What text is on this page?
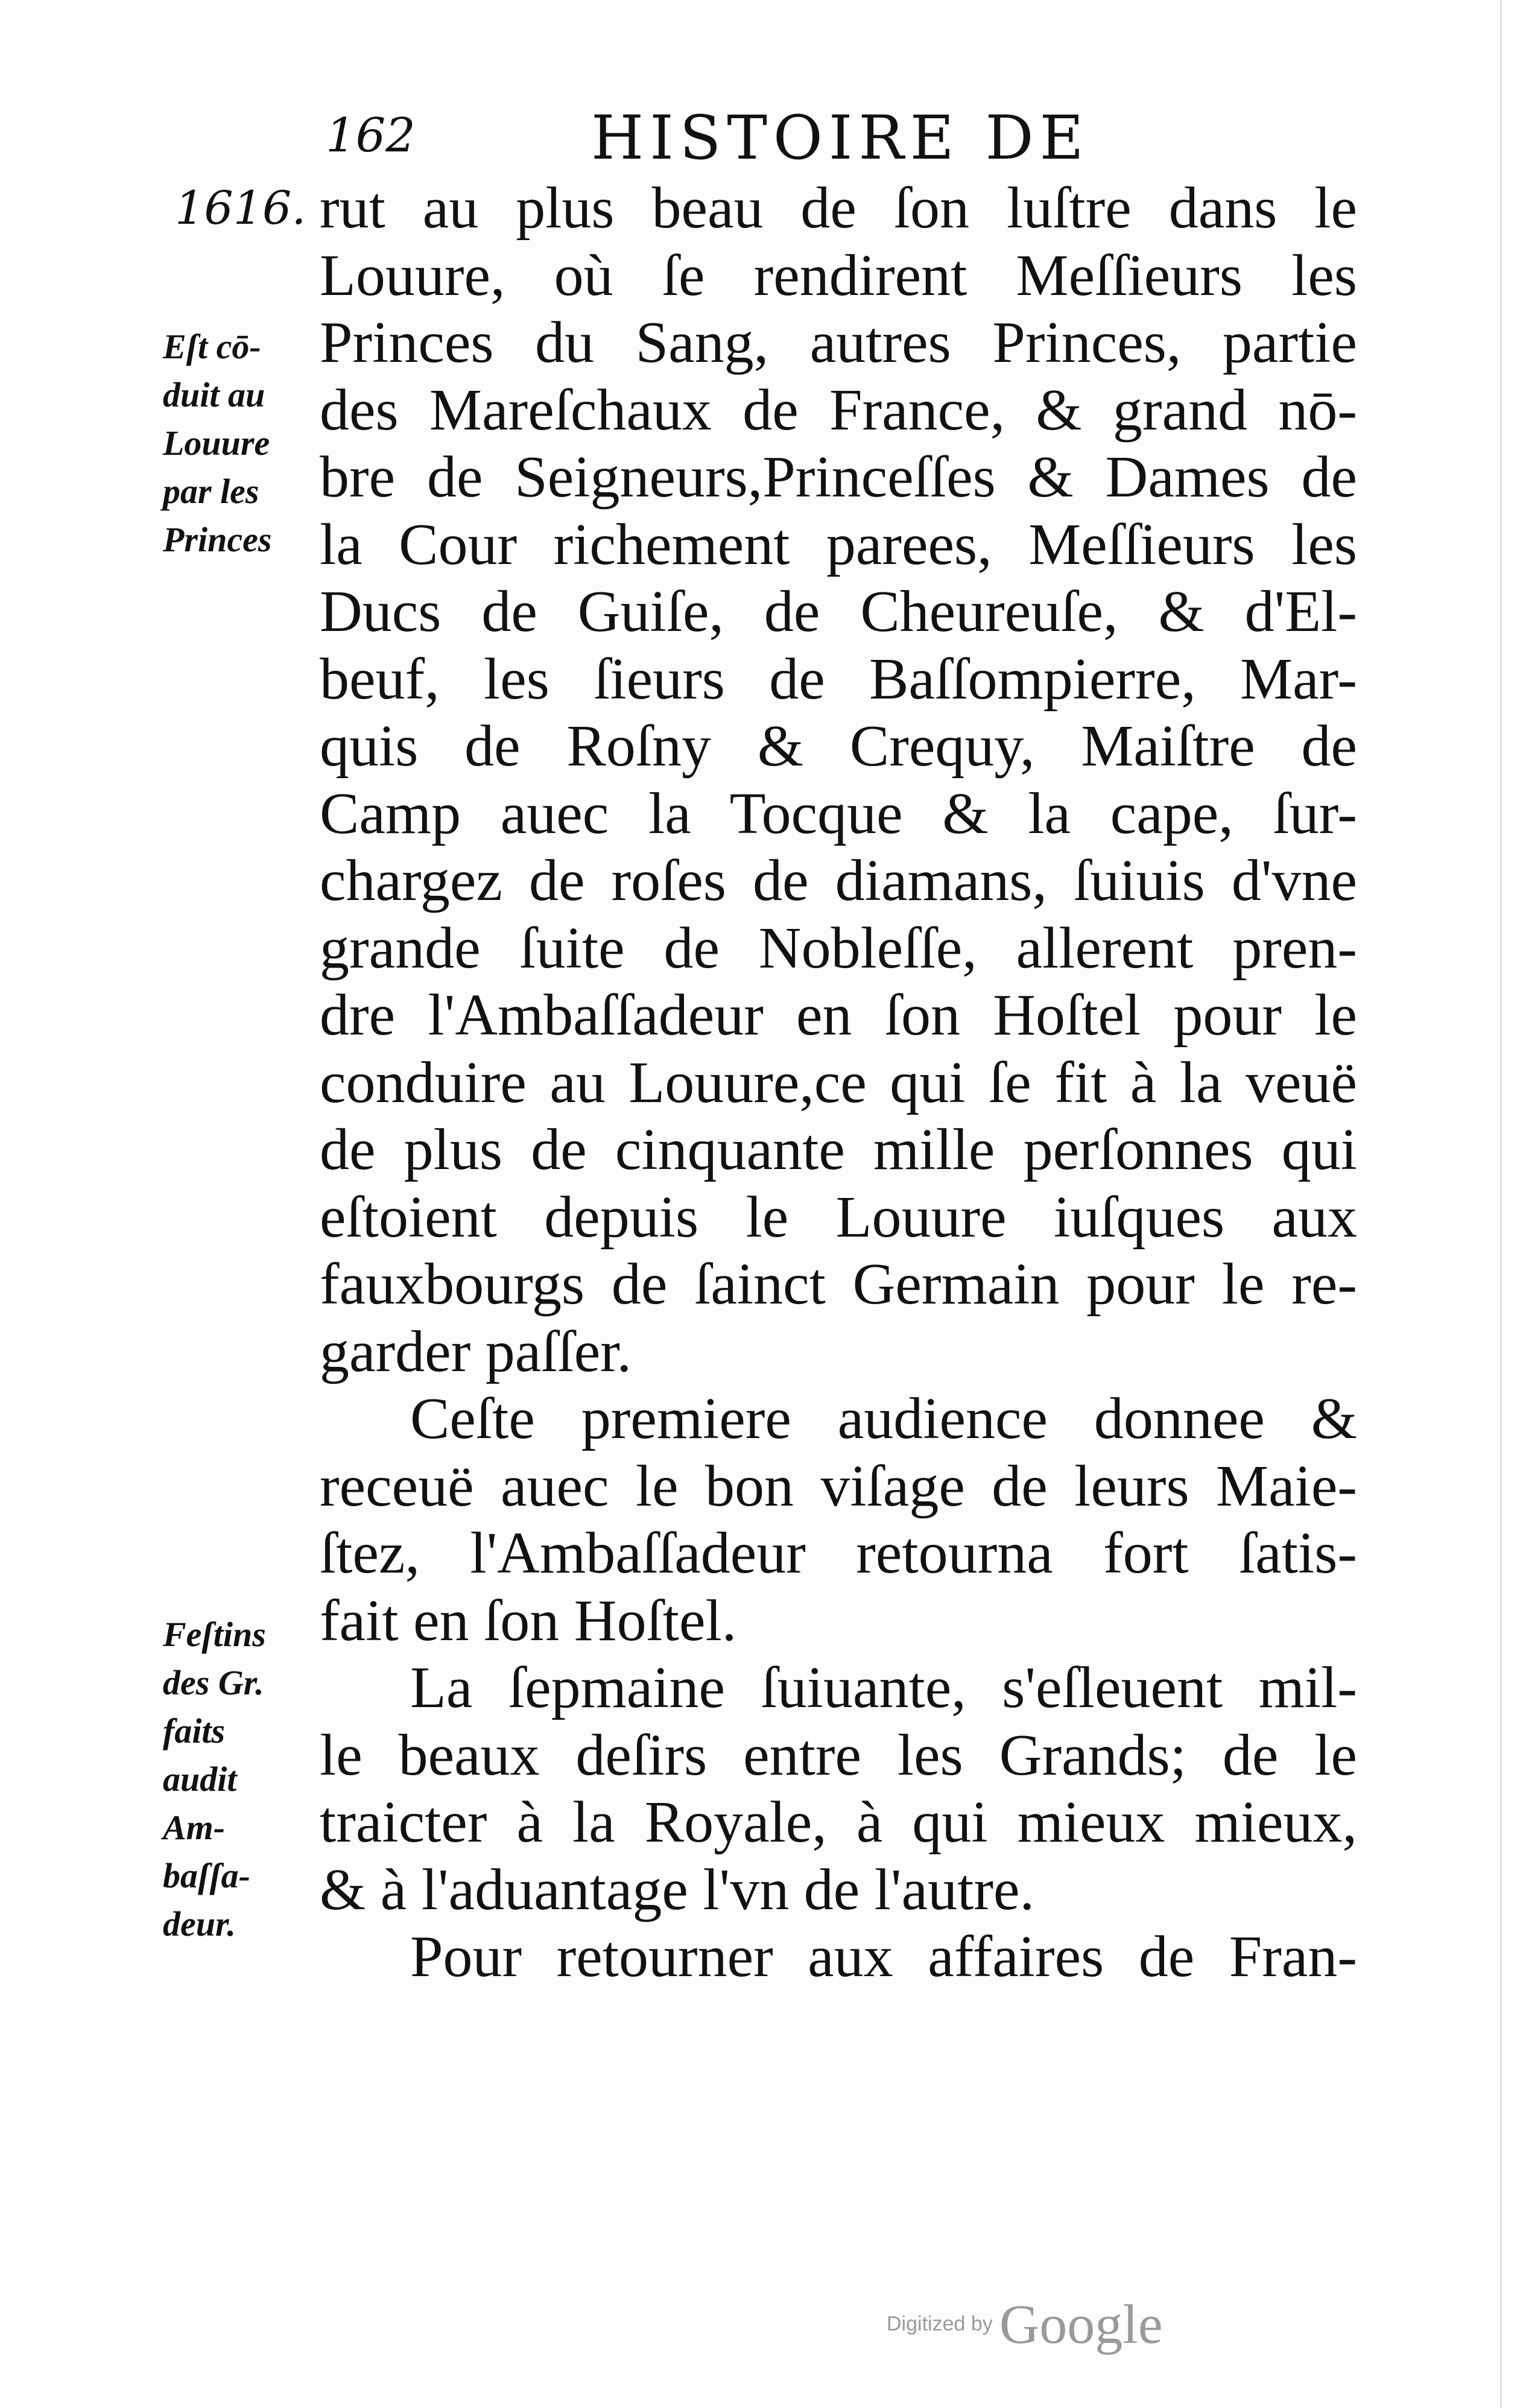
162	HISTOIRE DE
1616. rut au plus beau de ſon luſtre dans le
Louure, où ſe rendirent Meſſieurs les
Princes du Sang, autres Princes, partie
des Mareſchaux de France, & grand nō-
bre de Seigneurs,Princeſſes & Dames de
la Cour richement parees, Meſſieurs les
Ducs de Guiſe, de Cheureuſe, & d'El-
beuf, les ſieurs de Baſſompierre, Mar-
quis de Roſny & Crequy, Maiſtre de
Camp auec la Tocque & la cape, ſur-
chargez de roſes de diamans, ſuiuis d'vne
grande ſuite de Nobleſſe, allerent pren-
dre l'Ambaſſadeur en ſon Hoſtel pour le
conduire au Louure,ce qui ſe fit à la veuë
de plus de cinquante mille perſonnes qui
eſtoient depuis le Louure iuſques aux
fauxbourgs de ſainct Germain pour le re-
garder paſſer.
Ceſte premiere audience donnee &
receuë auec le bon viſage de leurs Maie-
ſtez, l'Ambaſſadeur retourna fort ſatis-
fait en ſon Hoſtel.
La ſepmaine ſuiuante, s'eſleuent mil-
le beaux deſirs entre les Grands; de le
traicter à la Royale, à qui mieux mieux,
& à l'aduantage l'vn de l'autre.
Pour retourner aux affaires de Fran-
Eſt cō-
duit au
Louure
par les
Princes
Feſtins
des Gr.
faits
audit
Am-
baſſa-
deur.
Digitized by Google
